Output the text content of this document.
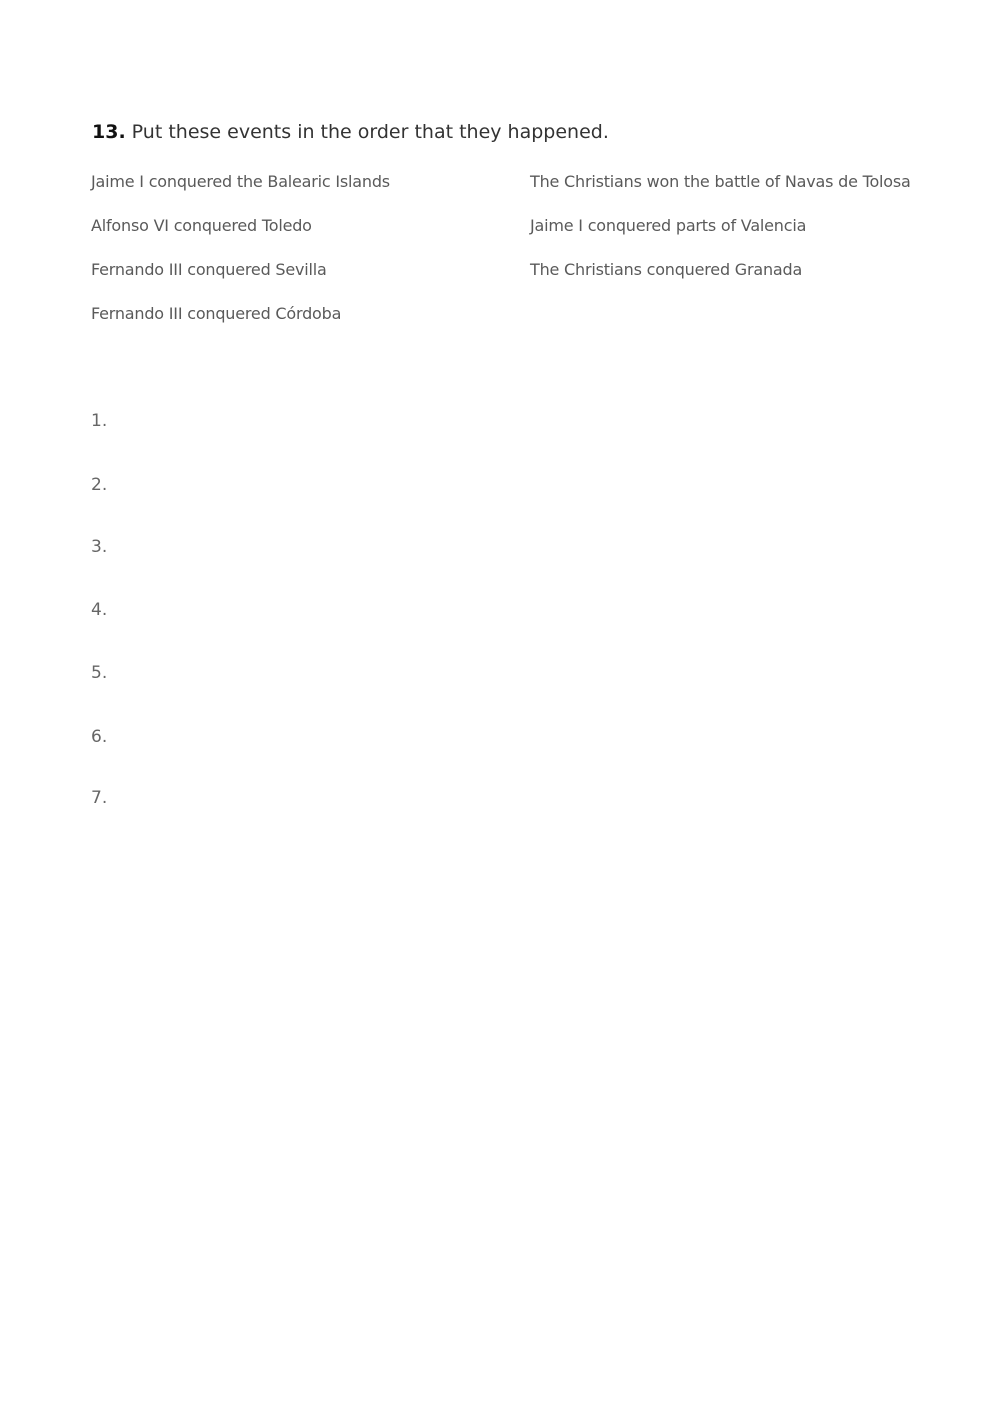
13. Put these events in the order that they happened.
Jaime I conquered the Balearic Islands
Alfonso VI conquered Toledo
Fernando III conquered Sevilla
Fernando III conquered Córdoba
The Christians won the battle of Navas de Tolosa
Jaime I conquered parts of Valencia
The Christians conquered Granada
1.
2.
3.
4.
5.
6.
7.
